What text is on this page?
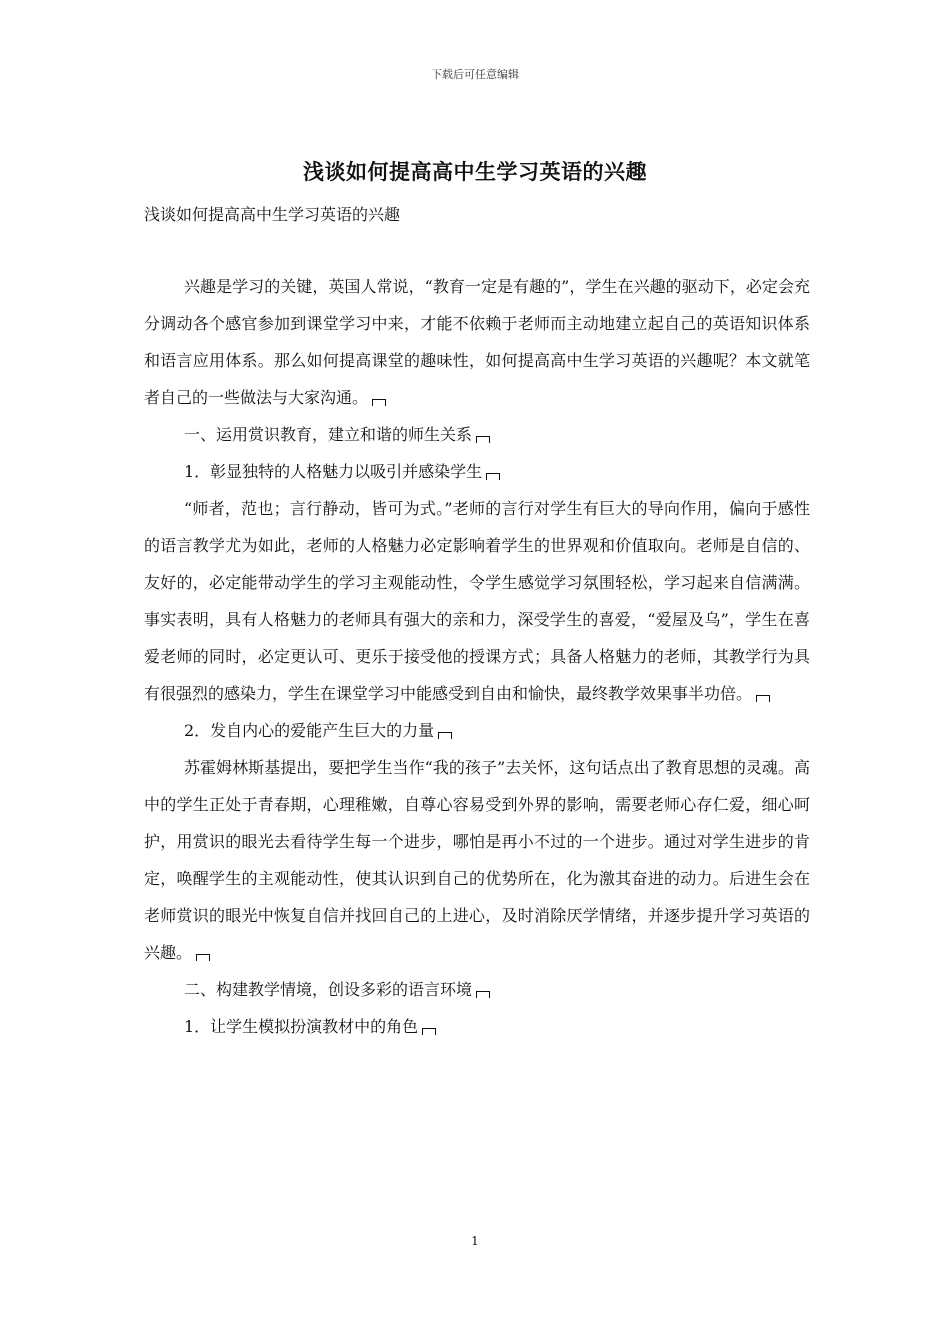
下载后可任意编辑
浅谈如何提高高中生学习英语的兴趣
浅谈如何提高高中生学习英语的兴趣

兴趣是学习的关键，英国人常说，“教育一定是有趣的”，学生在兴趣的驱动下，必定会充分调动各个感官参加到课堂学习中来，才能不依赖于老师而主动地建立起自己的英语知识体系和语言应用体系。那么如何提高课堂的趣味性，如何提高高中生学习英语的兴趣呢？本文就笔者自己的一些做法与大家沟通。

一、运用赏识教育，建立和谐的师生关系

1．彰显独特的人格魅力以吸引并感染学生

“师者，范也；言行静动，皆可为式。”老师的言行对学生有巨大的导向作用，偏向于感性的语言教学尤为如此，老师的人格魅力必定影响着学生的世界观和价值取向。老师是自信的、友好的，必定能带动学生的学习主观能动性，令学生感觉学习氛围轻松，学习起来自信满满。事实表明，具有人格魅力的老师具有强大的亲和力，深受学生的喜爱，“爱屋及乌”，学生在喜爱老师的同时，必定更认可、更乐于接受他的授课方式；具备人格魅力的老师，其教学行为具有很强烈的感染力，学生在课堂学习中能感受到自由和愉快，最终教学效果事半功倍。

2．发自内心的爱能产生巨大的力量

苏霍姆林斯基提出，要把学生当作“我的孩子”去关怀，这句话点出了教育思想的灵魂。高中的学生正处于青春期，心理稚嫩，自尊心容易受到外界的影响，需要老师心存仁爱，细心呵护，用赏识的眼光去看待学生每一个进步，哪怕是再小不过的一个进步。通过对学生进步的肯定，唤醒学生的主观能动性，使其认识到自己的优势所在，化为激其奋进的动力。后进生会在老师赏识的眼光中恢复自信并找回自己的上进心，及时消除厌学情绪，并逐步提升学习英语的兴趣。

二、构建教学情境，创设多彩的语言环境

1．让学生模拟扮演教材中的角色

1
